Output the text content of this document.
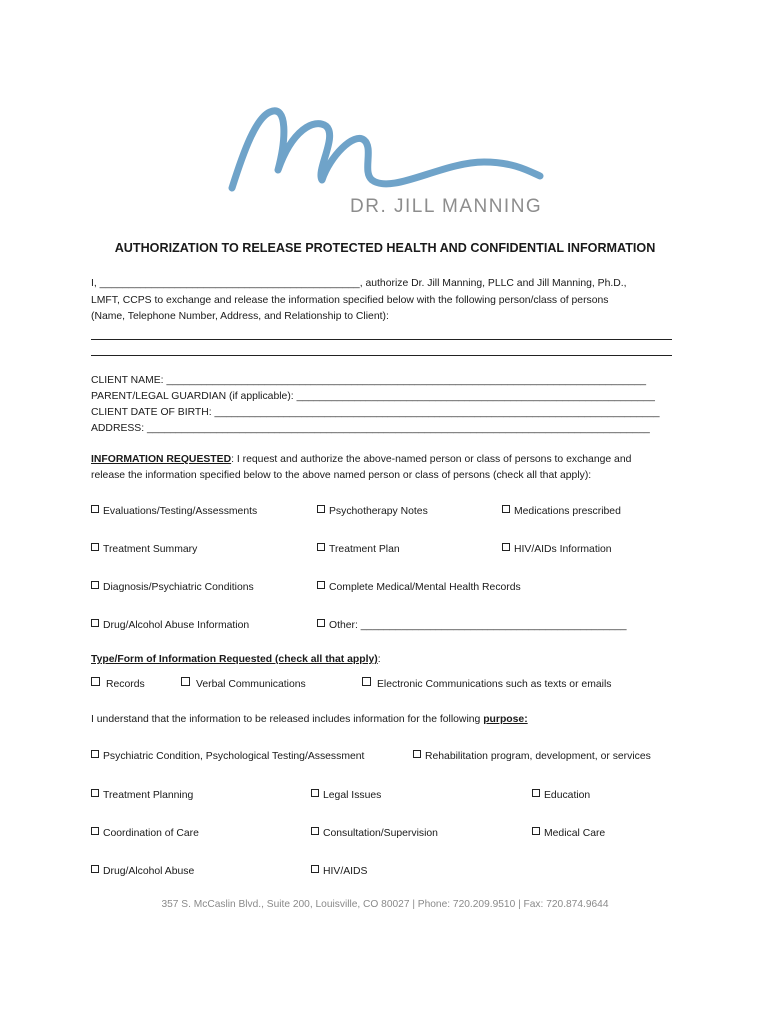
DR. JILL MANNING
AUTHORIZATION TO RELEASE PROTECTED HEALTH AND CONFIDENTIAL INFORMATION
I, _____________________________________________, authorize Dr. Jill Manning, PLLC and Jill Manning, Ph.D.,
LMFT, CCPS to exchange and release the information specified below with the following person/class of persons
(Name, Telephone Number, Address, and Relationship to Client):
CLIENT NAME: ___________________________________________________________________________________
PARENT/LEGAL GUARDIAN (if applicable): ______________________________________________________________
CLIENT DATE OF BIRTH: _____________________________________________________________________________
ADDRESS: _______________________________________________________________________________________
INFORMATION REQUESTED: I request and authorize the above-named person or class of persons to exchange and
release the information specified below to the above named person or class of persons (check all that apply):
Evaluations/Testing/Assessments	Psychotherapy Notes	Medications prescribed
Treatment Summary	Treatment Plan	HIV/AIDs Information
Diagnosis/Psychiatric Conditions	Complete Medical/Mental Health Records
Drug/Alcohol Abuse Information	Other: ______________________________________________
Type/Form of Information Requested (check all that apply):
Records	Verbal Communications	Electronic Communications such as texts or emails
I understand that the information to be released includes information for the following purpose:
Psychiatric Condition, Psychological Testing/Assessment	Rehabilitation program, development, or services
Treatment Planning	Legal Issues	Education
Coordination of Care	Consultation/Supervision	Medical Care
Drug/Alcohol Abuse	HIV/AIDS
357 S. McCaslin Blvd., Suite 200, Louisville, CO 80027 | Phone: 720.209.9510 | Fax: 720.874.9644
